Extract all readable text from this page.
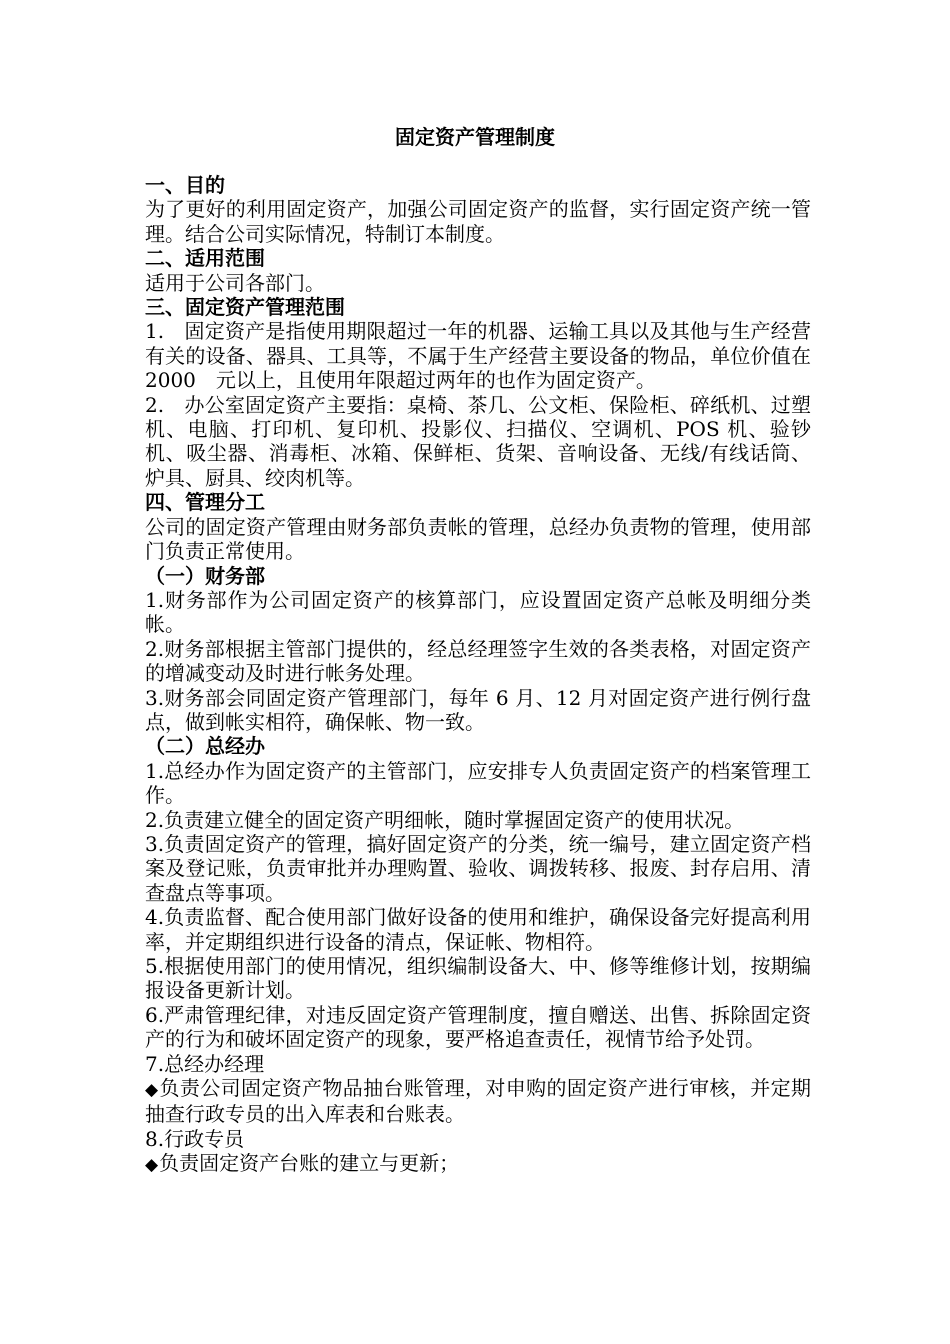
固定资产管理制度

一、目的

为了更好的利用固定资产，加强公司固定资产的监督，实行固定资产统一管理。结合公司实际情况，特制订本制度。

二、适用范围

适用于公司各部门。

三、固定资产管理范围

1.　固定资产是指使用期限超过一年的机器、运输工具以及其他与生产经营有关的设备、器具、工具等，不属于生产经营主要设备的物品，单位价值在 2000　元以上，且使用年限超过两年的也作为固定资产。

2.　办公室固定资产主要指：桌椅、茶几、公文柜、保险柜、碎纸机、过塑机、电脑、打印机、复印机、投影仪、扫描仪、空调机、POS 机、验钞机、吸尘器、消毒柜、冰箱、保鲜柜、货架、音响设备、无线/有线话筒、炉具、厨具、绞肉机等。

四、管理分工

公司的固定资产管理由财务部负责帐的管理，总经办负责物的管理，使用部门负责正常使用。

（一）财务部

1.财务部作为公司固定资产的核算部门，应设置固定资产总帐及明细分类帐。

2.财务部根据主管部门提供的，经总经理签字生效的各类表格，对固定资产的增减变动及时进行帐务处理。

3.财务部会同固定资产管理部门，每年 6 月、12 月对固定资产进行例行盘点，做到帐实相符，确保帐、物一致。

（二）总经办

1.总经办作为固定资产的主管部门，应安排专人负责固定资产的档案管理工作。

2.负责建立健全的固定资产明细帐，随时掌握固定资产的使用状况。

3.负责固定资产的管理，搞好固定资产的分类，统一编号，建立固定资产档案及登记账，负责审批并办理购置、验收、调拨转移、报废、封存启用、清查盘点等事项。

4.负责监督、配合使用部门做好设备的使用和维护，确保设备完好提高利用率，并定期组织进行设备的清点，保证帐、物相符。

5.根据使用部门的使用情况，组织编制设备大、中、修等维修计划，按期编报设备更新计划。

6.严肃管理纪律，对违反固定资产管理制度，擅自赠送、出售、拆除固定资产的行为和破坏固定资产的现象，要严格追查责任，视情节给予处罚。

7.总经办经理

◆负责公司固定资产物品抽台账管理，对申购的固定资产进行审核，并定期抽查行政专员的出入库表和台账表。

8.行政专员

◆负责固定资产台账的建立与更新；
